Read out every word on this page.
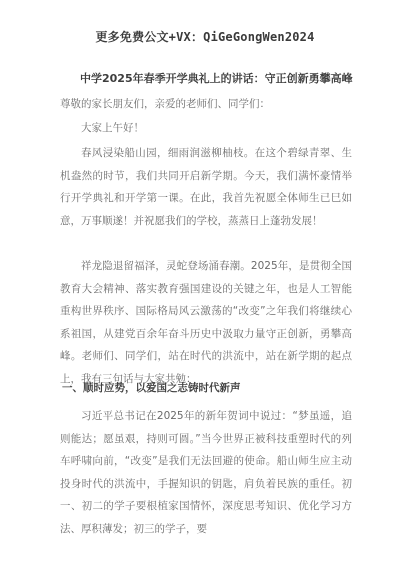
更多免费公文+VX：QiGeGongWen2024
中学2025年春季开学典礼上的讲话：守正创新勇攀高峰
尊敬的家长朋友们，亲爱的老师们、同学们：
大家上午好！
春风浸染船山园，细雨润滋柳柚枝。在这个碧绿青翠、生机盎然的时节，我们共同开启新学期。今天，我们满怀豪情举行开学典礼和开学第一课。在此，我首先祝愿全体师生已巳如意，万事顺遂！并祝愿我们的学校，蒸蒸日上蓬勃发展！
祥龙隐退留福泽，灵蛇登场涌春潮。2025年，是贯彻全国教育大会精神、落实教育强国建设的关键之年，也是人工智能重构世界秩序、国际格局风云激荡的“改变”之年我们将继续心系祖国，从建党百余年奋斗历史中汲取力量守正创新，勇攀高峰。老师们、同学们，站在时代的洪流中，站在新学期的起点上，我有三句话与大家共勉：
一、顺时应势，以爱国之志铸时代新声
习近平总书记在2025年的新年贺词中说过：“梦虽遥，追则能达；愿虽艰，持则可圆。”当今世界正被科技重塑时代的列车呼啸向前，“改变”是我们无法回避的使命。船山师生应主动投身时代的洪流中，手握知识的钥匙，肩负着民族的重任。初一、初二的学子要根植家国情怀，深度思考知识、优化学习方法、厚积薄发；初三的学子，要
